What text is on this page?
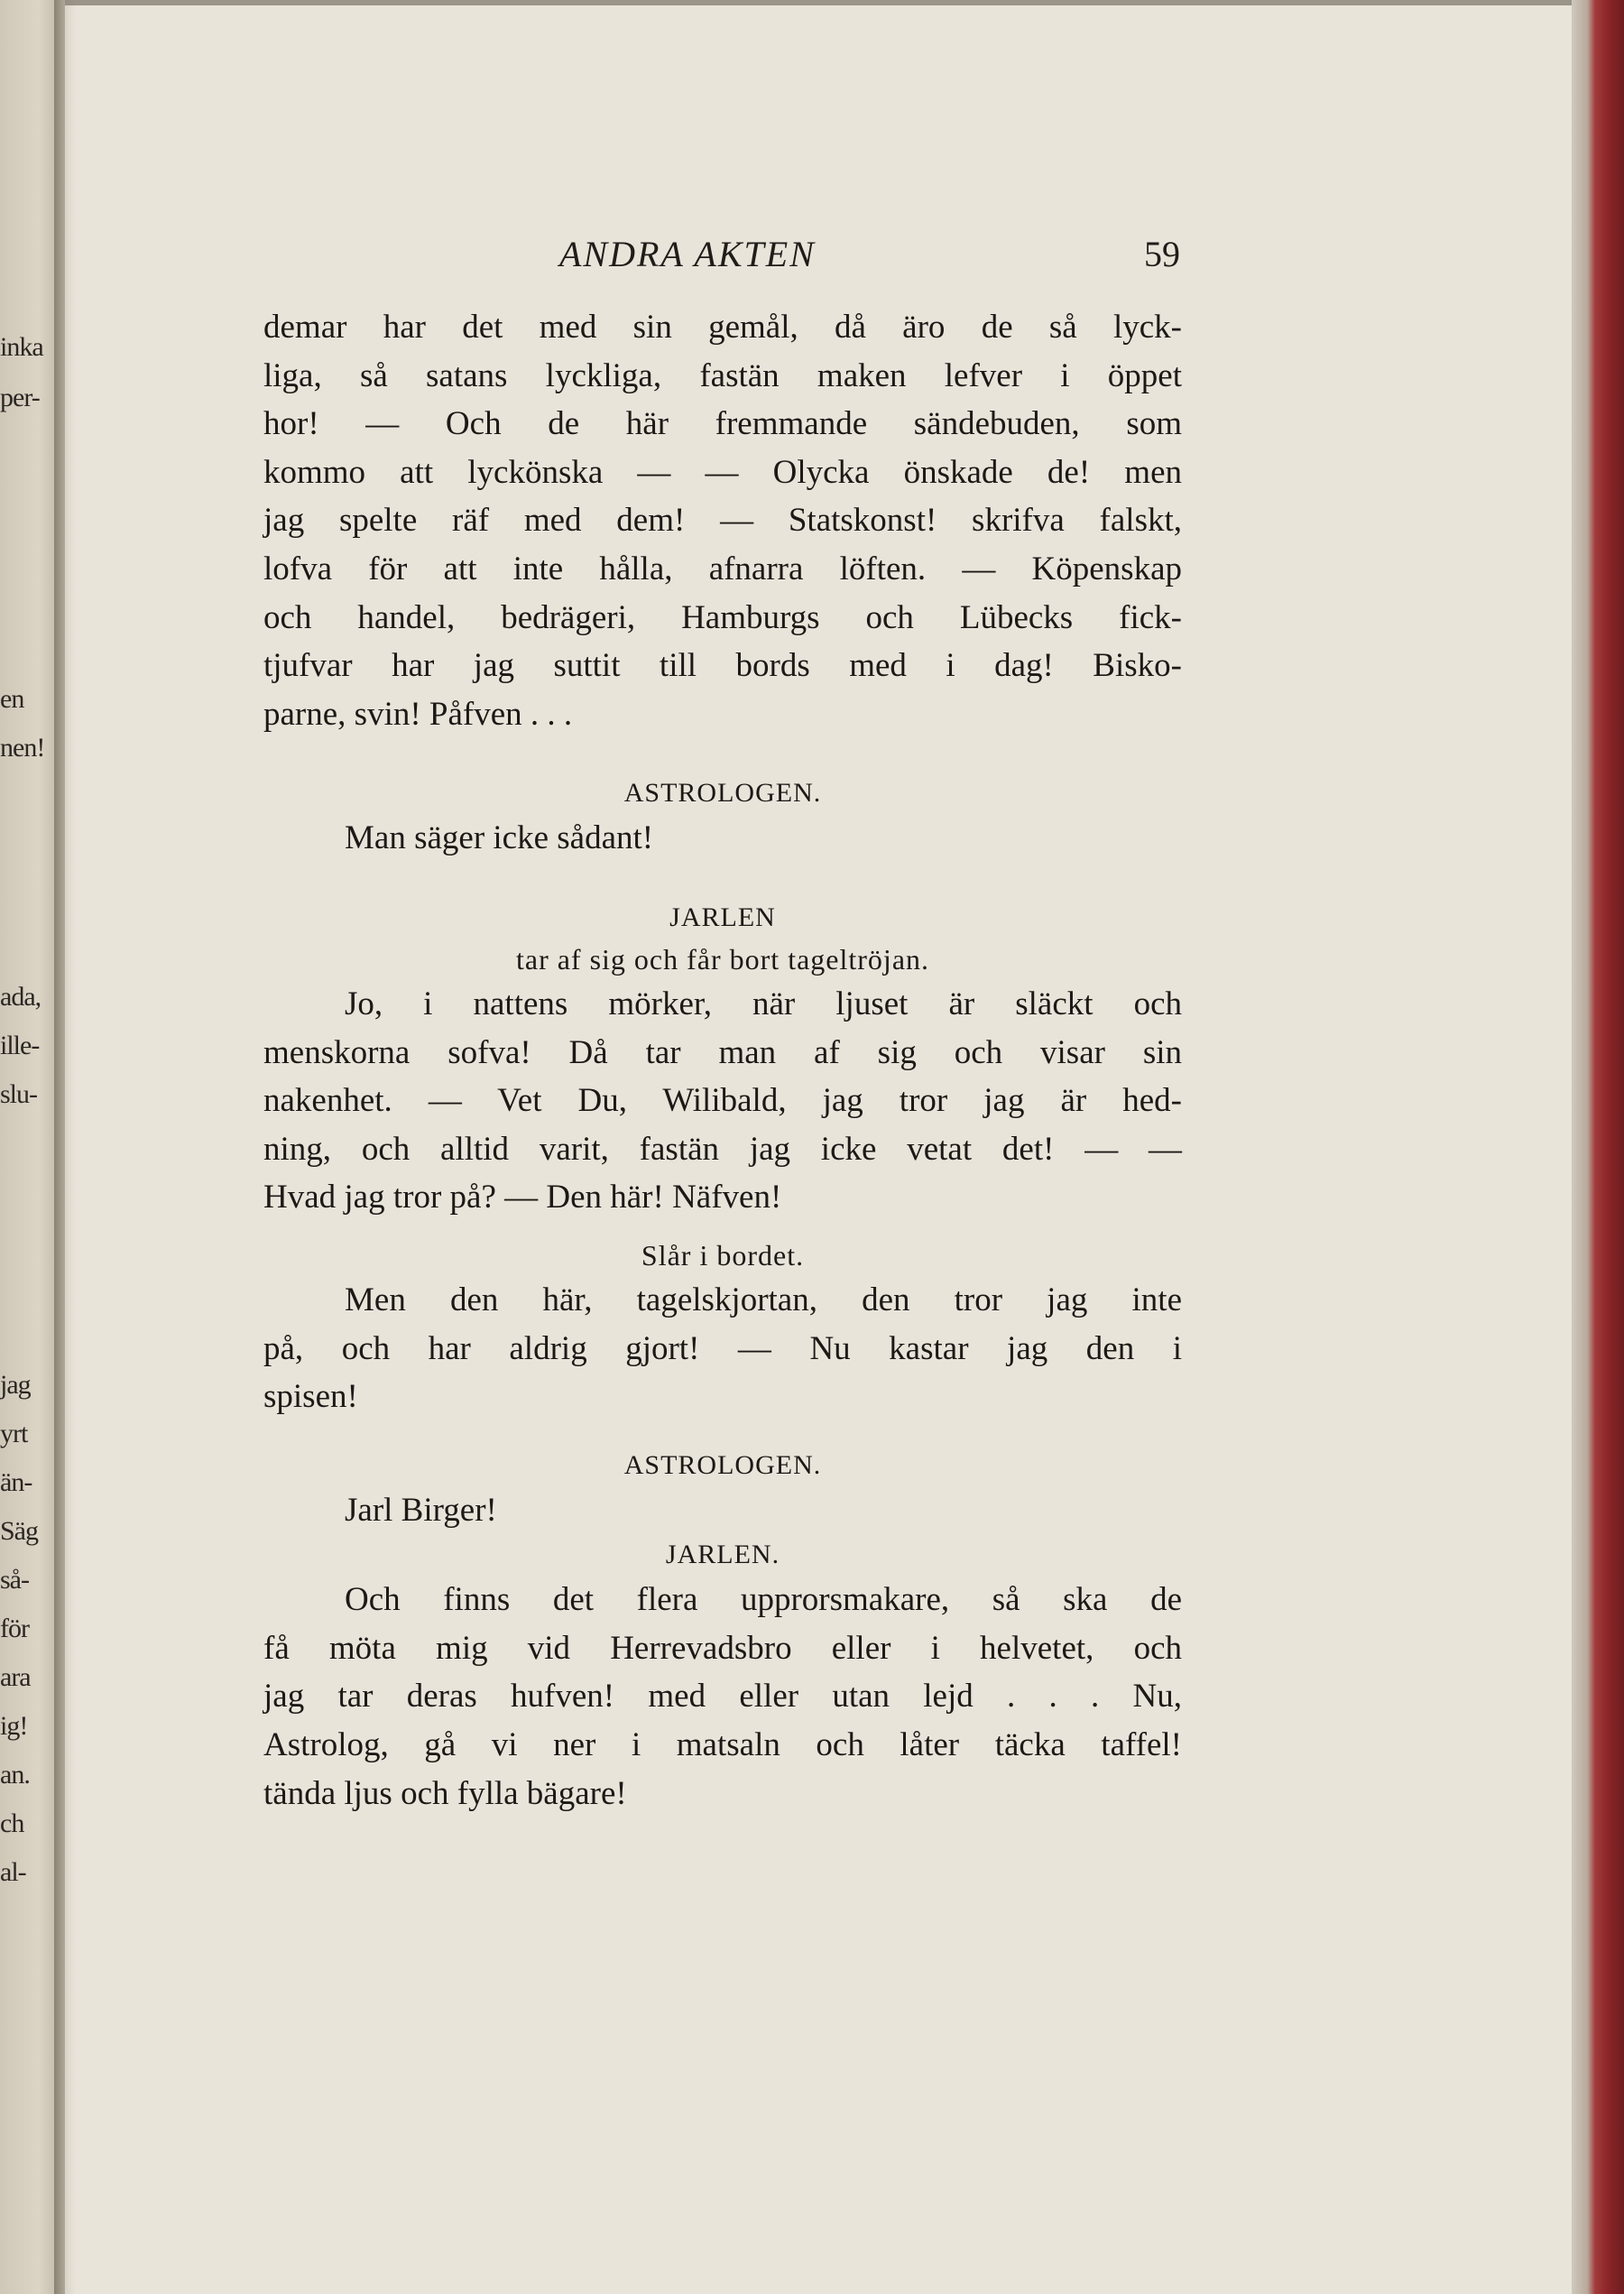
inka
per-
en
nen!
ada,
ille-
slu-
jag
yrt
än-
Säg
så-
för
ara
ig!
an.
ch
al-
ANDRA AKTEN	59
demar har det med sin gemål, då äro de så lyck-
liga, så satans lyckliga, fastän maken lefver i öppet
hor! — Och de här fremmande sändebuden, som
kommo att lyckönska — — Olycka önskade de! men
jag spelte räf med dem! — Statskonst! skrifva falskt,
lofva för att inte hålla, afnarra löften. — Köpenskap
och handel, bedrägeri, Hamburgs och Lübecks fick-
tjufvar har jag suttit till bords med i dag! Bisko-
parne, svin! Påfven . . .
ASTROLOGEN.
Man säger icke sådant!
JARLEN
tar af sig och får bort tageltröjan.
Jo, i nattens mörker, när ljuset är släckt och
menskorna sofva! Då tar man af sig och visar sin
nakenhet. — Vet Du, Wilibald, jag tror jag är hed-
ning, och alltid varit, fastän jag icke vetat det! — —
Hvad jag tror på? — Den här! Näfven!
Slår i bordet.
Men den här, tagelskjortan, den tror jag inte
på, och har aldrig gjort! — Nu kastar jag den i
spisen!
ASTROLOGEN.
Jarl Birger!
JARLEN.
Och finns det flera upprorsmakare, så ska de
få möta mig vid Herrevadsbro eller i helvetet, och
jag tar deras hufven! med eller utan lejd . . . Nu,
Astrolog, gå vi ner i matsaln och låter täcka taffel!
tända ljus och fylla bägare!
